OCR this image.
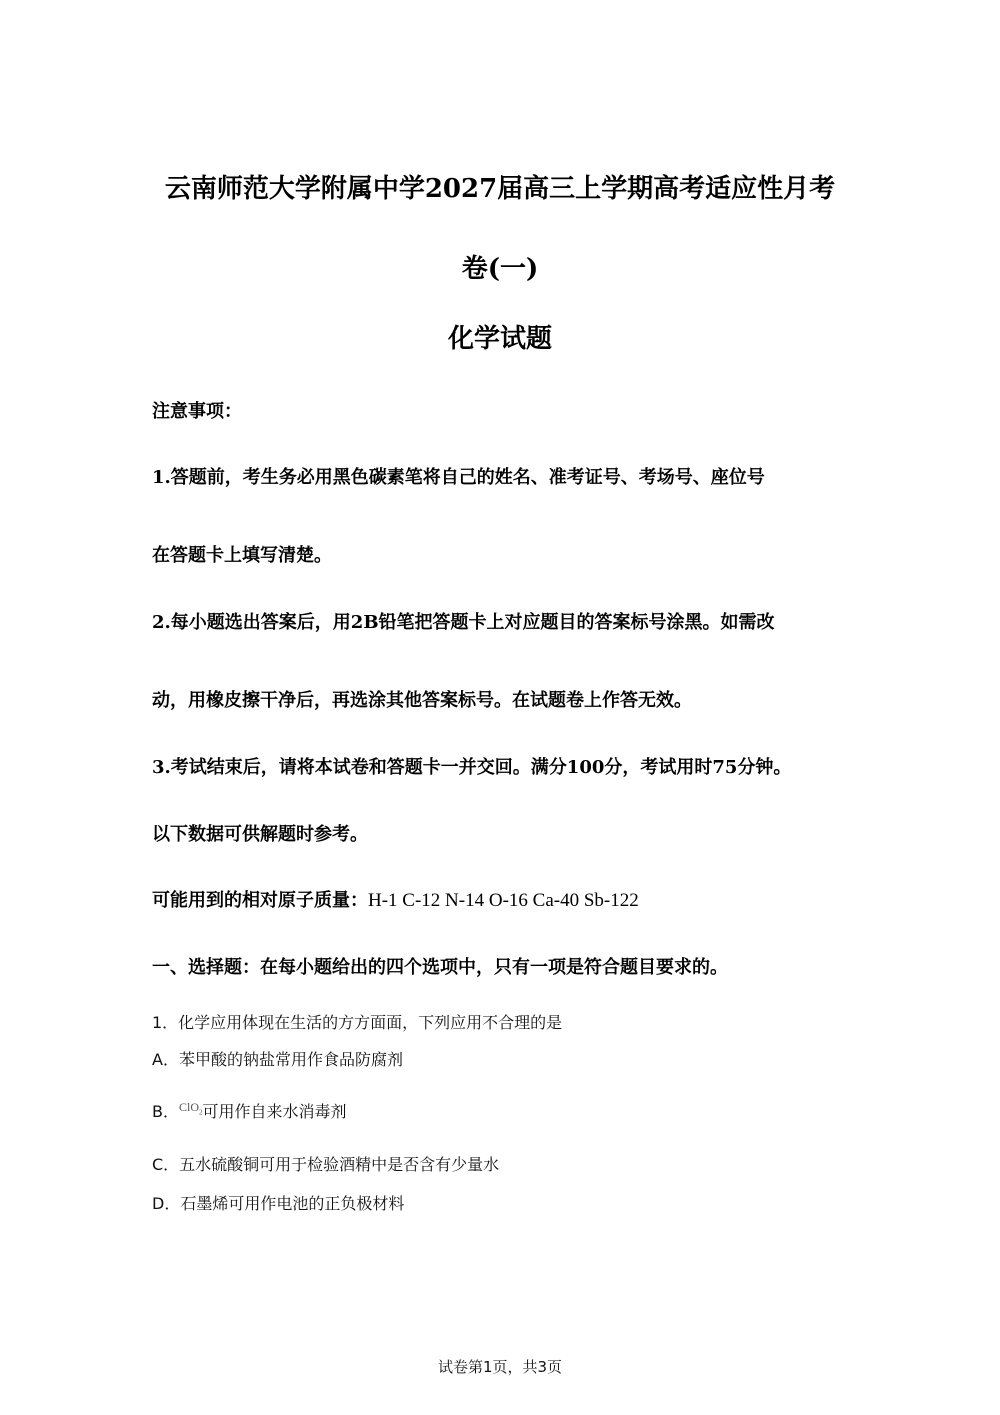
云南师范大学附属中学2027届高三上学期高考适应性月考
卷(一)
化学试题
注意事项：
1.答题前，考生务必用黑色碳素笔将自己的姓名、准考证号、考场号、座位号
在答题卡上填写清楚。
2.每小题选出答案后，用2B铅笔把答题卡上对应题目的答案标号涂黑。如需改
动，用橡皮擦干净后，再选涂其他答案标号。在试题卷上作答无效。
3.考试结束后，请将本试卷和答题卡一并交回。满分100分，考试用时75分钟。
以下数据可供解题时参考。
可能用到的相对原子质量：H-1 C-12 N-14 O-16 Ca-40 Sb-122
一、选择题：在每小题给出的四个选项中，只有一项是符合题目要求的。
1．化学应用体现在生活的方方面面，下列应用不合理的是
A．苯甲酸的钠盐常用作食品防腐剂
B．$^{ClO_2}$可用作自来水消毒剂
C．五水硫酸铜可用于检验酒精中是否含有少量水
D．石墨烯可用作电池的正负极材料
试卷第1页，共3页
